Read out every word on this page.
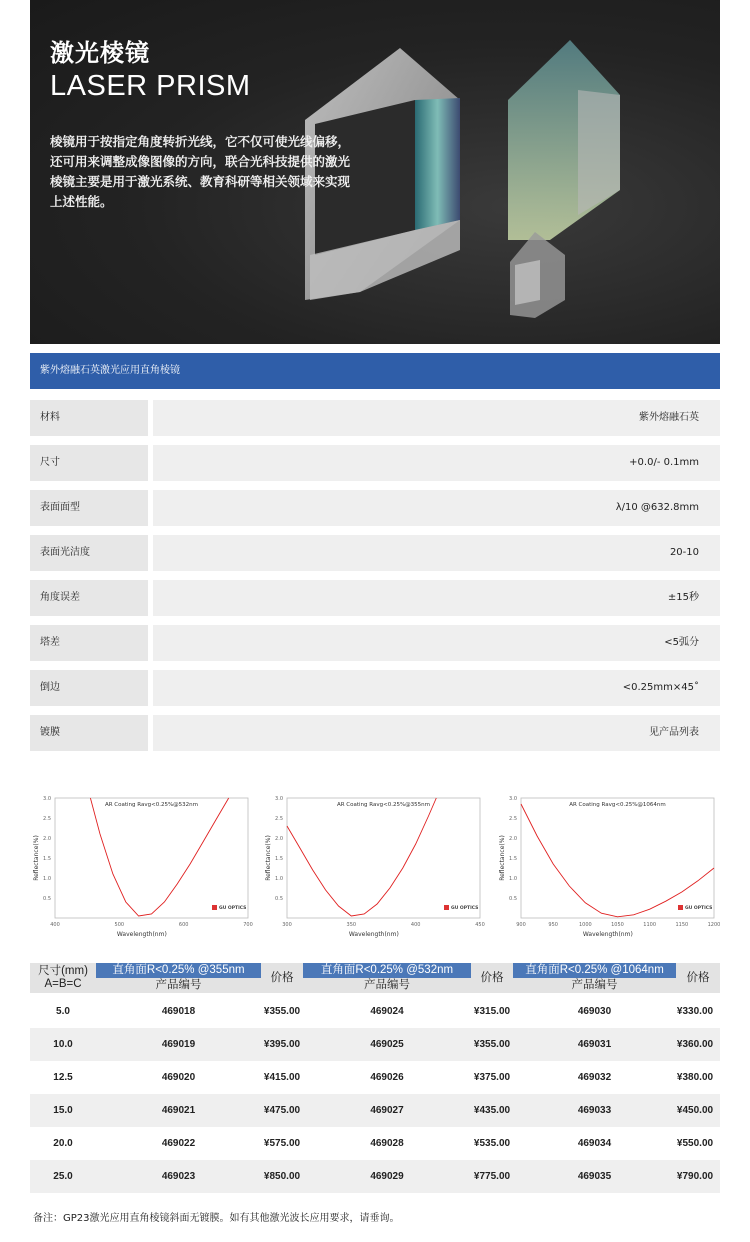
激光棱镜
LASER PRISM
棱镜用于按指定角度转折光线，它不仅可使光线偏移，还可用来调整成像图像的方向，联合光科技提供的激光棱镜主要是用于激光系统、教育科研等相关领域来实现上述性能。
紫外熔融石英激光应用直角棱镜
材料	紫外熔融石英
尺寸	+0.0/- 0.1mm
表面面型	λ/10 @632.8mm
表面光洁度	20-10
角度误差	±15秒
塔差	<5弧分
倒边	<0.25mm×45˚
镀膜	见产品列表
0.5
1.0
1.5
2.0
2.5
3.0
400	500	600	700
AR Coating Ravg<0.25%@532nm
Wavelength(nm)
Reflectance(%)
GU OPTICS
0.5
1.0
1.5
2.0
2.5
3.0
300	350	400	450
AR Coating Ravg<0.25%@355nm
Wavelength(nm)
Reflectance(%)
GU OPTICS
0.5
1.0
1.5
2.0
2.5
3.0
900	950	1000	1050	1100	1150	1200
AR Coating Ravg<0.25%@1064nm
Wavelength(nm)
Reflectance(%)
GU OPTICS
尺寸(mm)
A=B=C
直角面R<0.25% @355nm
产品编号
价格
直角面R<0.25% @532nm
产品编号
价格
直角面R<0.25% @1064nm
产品编号
价格
5.0	469018	¥355.00	469024	¥315.00	469030	¥330.00
10.0	469019	¥395.00	469025	¥355.00	469031	¥360.00
12.5	469020	¥415.00	469026	¥375.00	469032	¥380.00
15.0	469021	¥475.00	469027	¥435.00	469033	¥450.00
20.0	469022	¥575.00	469028	¥535.00	469034	¥550.00
25.0	469023	¥850.00	469029	¥775.00	469035	¥790.00
备注：GP23激光应用直角棱镜斜面无镀膜。如有其他激光波长应用要求，请垂询。
